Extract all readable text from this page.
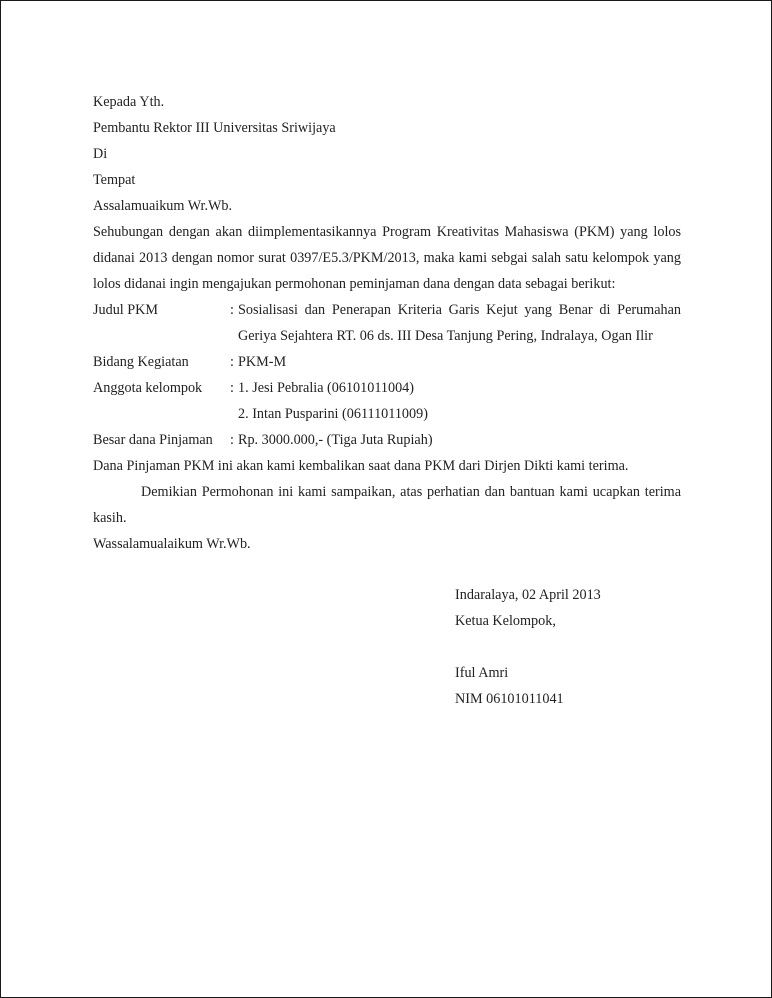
Kepada Yth.
Pembantu Rektor III Universitas Sriwijaya
Di
Tempat
Assalamuaikum Wr.Wb.
Sehubungan dengan akan diimplementasikannya Program Kreativitas Mahasiswa (PKM) yang lolos didanai 2013 dengan nomor surat 0397/E5.3/PKM/2013, maka kami sebgai salah satu kelompok yang lolos didanai ingin mengajukan permohonan peminjaman dana dengan data sebagai berikut:
Judul PKM	: Sosialisasi dan Penerapan Kriteria Garis Kejut yang Benar di Perumahan Geriya Sejahtera RT. 06 ds. III Desa Tanjung Pering, Indralaya, Ogan Ilir
Bidang Kegiatan	: PKM-M
Anggota kelompok	: 1. Jesi Pebralia (06101011004)
2. Intan Pusparini (06111011009)
Besar dana Pinjaman	: Rp. 3000.000,- (Tiga Juta Rupiah)
Dana Pinjaman PKM ini akan kami kembalikan saat dana PKM dari Dirjen Dikti kami terima.
Demikian Permohonan ini kami sampaikan, atas perhatian dan bantuan kami ucapkan terima kasih.
Wassalamualaikum Wr.Wb.
Indaralaya, 02 April 2013
Ketua Kelompok,
Iful Amri
NIM 06101011041
